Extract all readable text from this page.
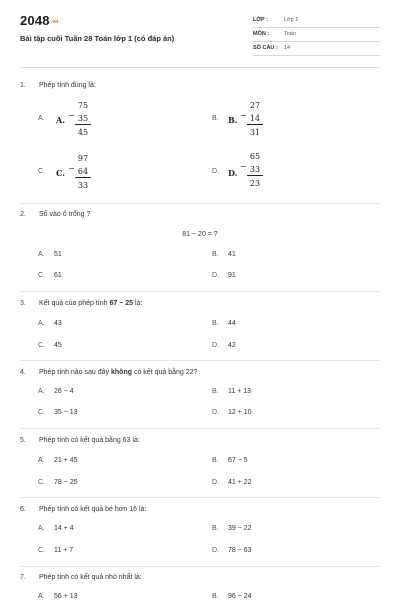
2048.vn
Bài tập cuối Tuần 28 Toán lớp 1 (có đáp án)
LỚP :	Lớp 1
MÔN :	Toán
SỐ CÂU : 14
1. Phép tính đúng là:
A. A. −
75
35
45
B. B. −
27
14
31
C. C. −
97
64
33
D. D.
−
65
33
23
2. Số vào ô trống ?
81 − 20 = ?
A. 51	B. 41
C. 61	D. 91
3. Kết quả của phép tính 67 − 25 là:
A. 43	B. 44
C. 45	D. 42
4. Phép tính nào sau đây không có kết quả bằng 22?
A. 26 − 4	B. 11 + 13
C. 35 − 13	D. 12 + 10
5. Phép tính có kết quả bằng 63 là:
A. 21 + 45	B. 67 − 5
C. 78 − 25	D. 41 + 22
6. Phép tính có kết quả bé hơn 16 là:
A. 14 + 4	B. 39 − 22
C. 11 + 7	D. 78 − 63
7. Phép tính có kết quả nhỏ nhất là:
A. 56 + 13	B. 96 − 24
